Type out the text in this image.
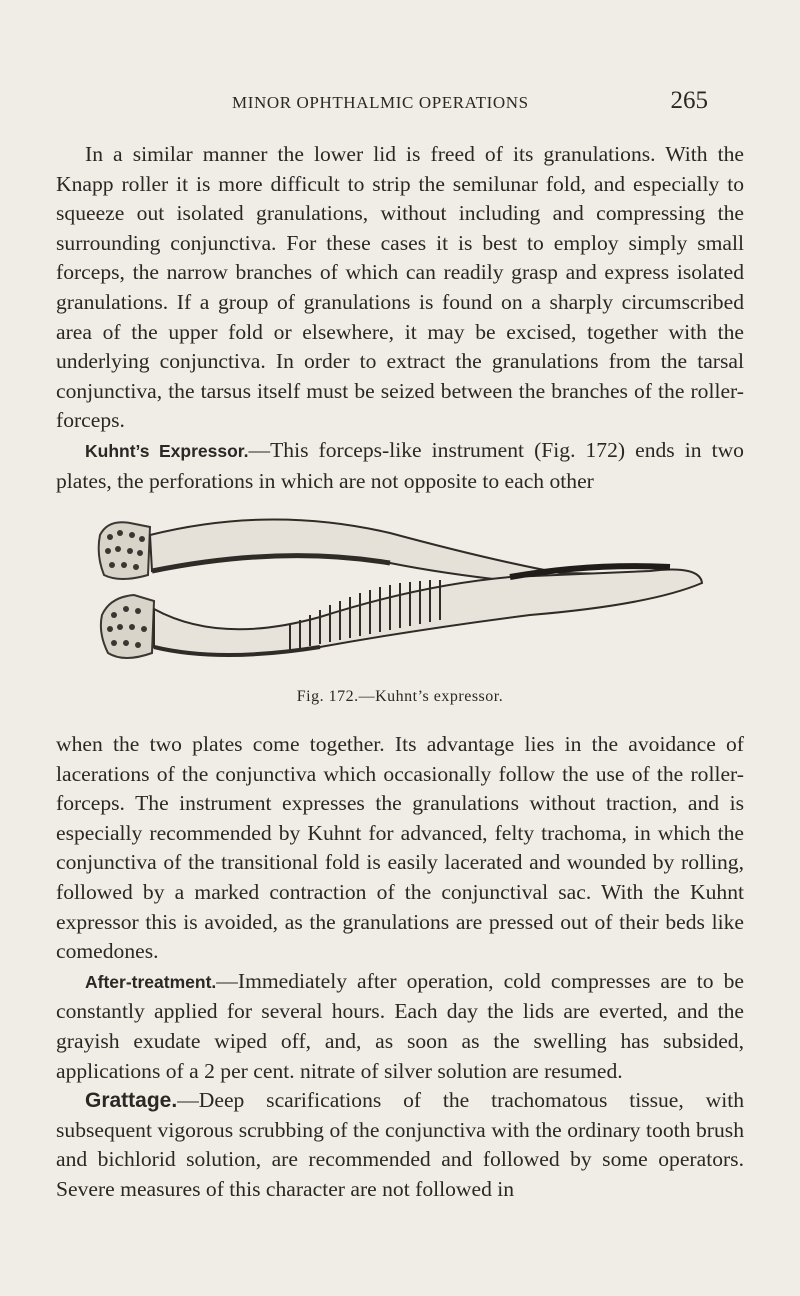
MINOR OPHTHALMIC OPERATIONS	265

In a similar manner the lower lid is freed of its granulations. With the Knapp roller it is more difficult to strip the semilunar fold, and especially to squeeze out isolated granulations, without including and compressing the surrounding conjunctiva. For these cases it is best to employ simply small forceps, the narrow branches of which can readily grasp and express isolated granulations. If a group of granulations is found on a sharply circumscribed area of the upper fold or elsewhere, it may be excised, together with the underlying conjunctiva. In order to extract the granulations from the tarsal conjunctiva, the tarsus itself must be seized between the branches of the roller-forceps.

Kuhnt’s Expressor.—This forceps-like instrument (Fig. 172) ends in two plates, the perforations in which are not opposite to each other

Fig. 172.—Kuhnt’s expressor.

when the two plates come together. Its advantage lies in the avoidance of lacerations of the conjunctiva which occasionally follow the use of the roller-forceps. The instrument expresses the granulations without traction, and is especially recommended by Kuhnt for advanced, felty trachoma, in which the conjunctiva of the transitional fold is easily lacerated and wounded by rolling, followed by a marked contraction of the conjunctival sac. With the Kuhnt expressor this is avoided, as the granulations are pressed out of their beds like comedones.

After-treatment.—Immediately after operation, cold compresses are to be constantly applied for several hours. Each day the lids are everted, and the grayish exudate wiped off, and, as soon as the swelling has subsided, applications of a 2 per cent. nitrate of silver solution are resumed.

Grattage.—Deep scarifications of the trachomatous tissue, with subsequent vigorous scrubbing of the conjunctiva with the ordinary tooth brush and bichlorid solution, are recommended and followed by some operators. Severe measures of this character are not followed in
